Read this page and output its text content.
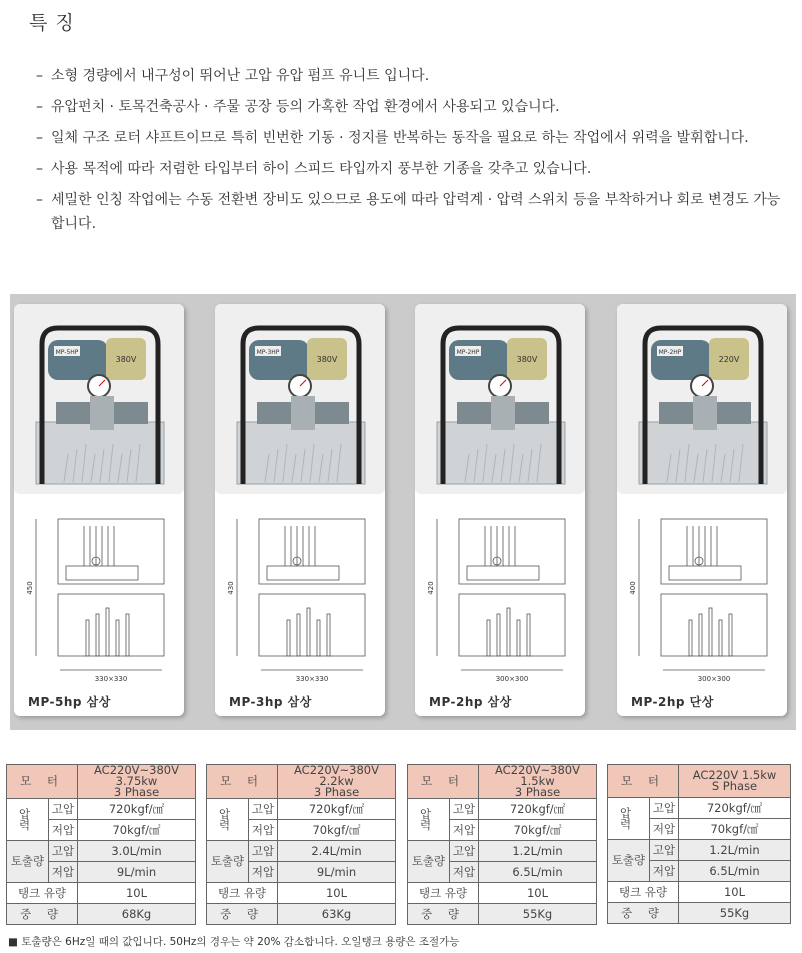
특 징
– 소형 경량에서 내구성이 뛰어난 고압 유압 펌프 유니트 입니다.
– 유압펀치 · 토목건축공사 · 주물 공장 등의 가혹한 작업 환경에서 사용되고 있습니다.
– 일체 구조 로터 샤프트이므로 특히 빈번한 기동 · 정지를 반복하는 동작을 필요로 하는 작업에서 위력을 발휘합니다.
– 사용 목적에 따라 저렴한 타입부터 하이 스피드 타입까지 풍부한 기종을 갖추고 있습니다.
– 세밀한 인칭 작업에는 수동 전환변 장비도 있으므로 용도에 따라 압력계 · 압력 스위치 등을 부착하거나 회로 변경도 가능합니다.
MP-5HP
380V
450
330×330
MP-5hp 삼상
MP-3HP
380V
430
330×330
MP-3hp 삼상
MP-2HP
380V
420
300×300
MP-2hp 삼상
MP-2HP
220V
400
300×300
MP-2hp 단상
모 터		AC220V~380V 3.75kw
3 Phase
압 력	고압	720kgf/㎠
	저압	70kgf/㎠
토출량	고압	3.0L/min
	저압	9L/min
탱크 유량		10L
중 량		68Kg
모 터		AC220V~380V 2.2kw
3 Phase
압 력	고압	720kgf/㎠
	저압	70kgf/㎠
토출량	고압	2.4L/min
	저압	9L/min
탱크 유량		10L
중 량		63Kg
모 터		AC220V~380V 1.5kw
3 Phase
압 력	고압	720kgf/㎠
	저압	70kgf/㎠
토출량	고압	1.2L/min
	저압	6.5L/min
탱크 유량		10L
중 량		55Kg
모 터		AC220V 1.5kw
S Phase
압 력	고압	720kgf/㎠
	저압	70kgf/㎠
토출량	고압	1.2L/min
	저압	6.5L/min
탱크 유량		10L
중 량		55Kg
■ 토출량은 6Hz일 때의 값입니다. 50Hz의 경우는 약 20% 감소합니다. 오일탱크 용량은 조절가능
